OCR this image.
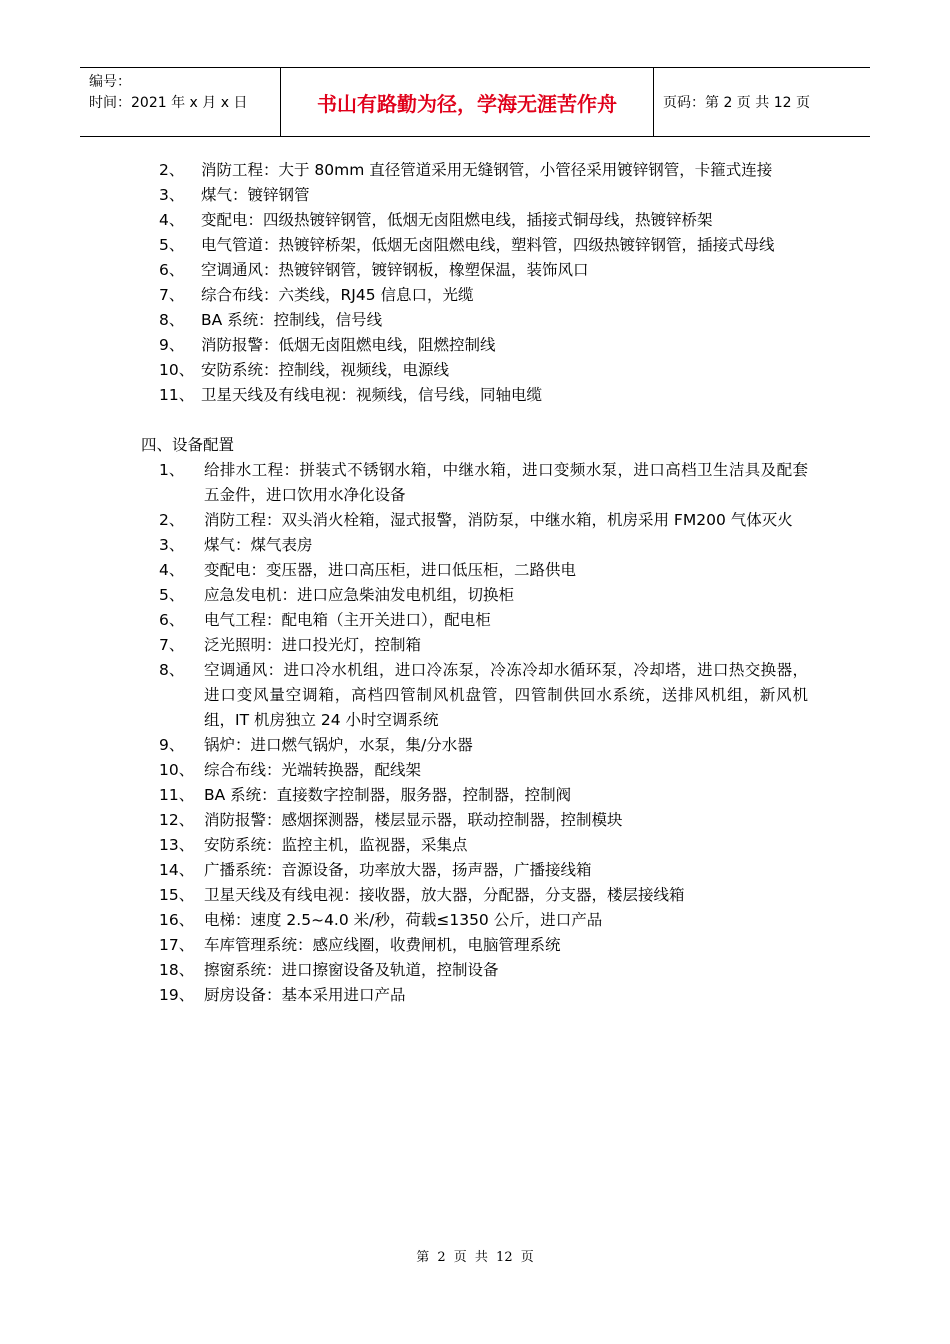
编号：
时间：2021 年 x 月 x 日	书山有路勤为径，学海无涯苦作舟	页码：第 2 页 共 12 页
2、 消防工程：大于 80mm 直径管道采用无缝钢管，小管径采用镀锌钢管，卡箍式连接
3、 煤气：镀锌钢管
4、 变配电：四级热镀锌钢管，低烟无卤阻燃电线，插接式铜母线，热镀锌桥架
5、 电气管道：热镀锌桥架，低烟无卤阻燃电线，塑料管，四级热镀锌钢管，插接式母线
6、 空调通风：热镀锌钢管，镀锌钢板，橡塑保温，装饰风口
7、 综合布线：六类线，RJ45 信息口，光缆
8、 BA 系统：控制线，信号线
9、 消防报警：低烟无卤阻燃电线，阻燃控制线
10、 安防系统：控制线，视频线，电源线
11、 卫星天线及有线电视：视频线，信号线，同轴电缆
四、设备配置
1、 给排水工程：拼装式不锈钢水箱，中继水箱，进口变频水泵，进口高档卫生洁具及配套五金件，进口饮用水净化设备
2、 消防工程：双头消火栓箱，湿式报警，消防泵，中继水箱，机房采用 FM200 气体灭火
3、 煤气：煤气表房
4、 变配电：变压器，进口高压柜，进口低压柜，二路供电
5、 应急发电机：进口应急柴油发电机组，切换柜
6、 电气工程：配电箱（主开关进口），配电柜
7、 泛光照明：进口投光灯，控制箱
8、 空调通风：进口冷水机组，进口冷冻泵，冷冻冷却水循环泵，冷却塔，进口热交换器，进口变风量空调箱，高档四管制风机盘管，四管制供回水系统，送排风机组，新风机组，IT 机房独立 24 小时空调系统
9、 锅炉：进口燃气锅炉，水泵，集/分水器
10、 综合布线：光端转换器，配线架
11、 BA 系统：直接数字控制器，服务器，控制器，控制阀
12、 消防报警：感烟探测器，楼层显示器，联动控制器，控制模块
13、 安防系统：监控主机，监视器，采集点
14、 广播系统：音源设备，功率放大器，扬声器，广播接线箱
15、 卫星天线及有线电视：接收器，放大器，分配器，分支器，楼层接线箱
16、 电梯：速度 2.5~4.0 米/秒，荷载≤1350 公斤，进口产品
17、 车库管理系统：感应线圈，收费闸机，电脑管理系统
18、 擦窗系统：进口擦窗设备及轨道，控制设备
19、 厨房设备：基本采用进口产品
第 2 页 共 12 页
